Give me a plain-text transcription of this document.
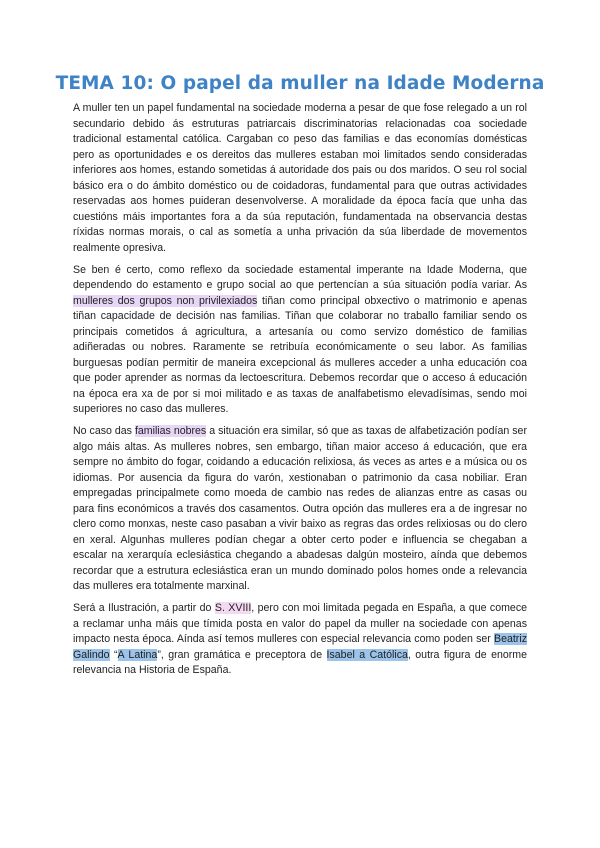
TEMA 10: O papel da muller na Idade Moderna

A muller ten un papel fundamental na sociedade moderna a pesar de que fose relegado a un rol secundario debido ás estruturas patriarcais discriminatorias relacionadas coa sociedade tradicional estamental católica. Cargaban co peso das familias e das economías domésticas pero as oportunidades e os dereitos das mulleres estaban moi limitados sendo consideradas inferiores aos homes, estando sometidas á autoridade dos pais ou dos maridos. O seu rol social básico era o do ámbito doméstico ou de coidadoras, fundamental para que outras actividades reservadas aos homes puideran desenvolverse. A moralidade da época facía que unha das cuestións máis importantes fora a da súa reputación, fundamentada na observancia destas ríxidas normas morais, o cal as sometía a unha privación da súa liberdade de movementos realmente opresiva.

Se ben é certo, como reflexo da sociedade estamental imperante na Idade Moderna, que dependendo do estamento e grupo social ao que pertencían a súa situación podía variar. As mulleres dos grupos non privilexiados tiñan como principal obxectivo o matrimonio e apenas tiñan capacidade de decisión nas familias. Tiñan que colaborar no traballo familiar sendo os principais cometidos á agricultura, a artesanía ou como servizo doméstico de familias adiñeradas ou nobres. Raramente se retribuía económicamente o seu labor. As familias burguesas podían permitir de maneira excepcional ás mulleres acceder a unha educación coa que poder aprender as normas da lectoescritura. Debemos recordar que o acceso á educación na época era xa de por si moi militado e as taxas de analfabetismo elevadísimas, sendo moi superiores no caso das mulleres.

No caso das familias nobres a situación era similar, só que as taxas de alfabetización podían ser algo máis altas. As mulleres nobres, sen embargo, tiñan maior acceso á educación, que era sempre no ámbito do fogar, coidando a educación relixiosa, ás veces as artes e a música ou os idiomas. Por ausencia da figura do varón, xestionaban o patrimonio da casa nobiliar. Eran empregadas principalmete como moeda de cambio nas redes de alianzas entre as casas ou para fins económicos a través dos casamentos. Outra opción das mulleres era a de ingresar no clero como monxas, neste caso pasaban a vivir baixo as regras das ordes relixiosas ou do clero en xeral. Algunhas mulleres podían chegar a obter certo poder e influencia se chegaban a escalar na xerarquía eclesiástica chegando a abadesas dalgún mosteiro, aínda que debemos recordar que a estrutura eclesiástica eran un mundo dominado polos homes onde a relevancia das mulleres era totalmente marxinal.

Será a Ilustración, a partir do S. XVIII, pero con moi limitada pegada en España, a que comece a reclamar unha máis que tímida posta en valor do papel da muller na sociedade con apenas impacto nesta época. Aínda así temos mulleres con especial relevancia como poden ser Beatriz Galindo “A Latina”, gran gramática e preceptora de Isabel a Católica, outra figura de enorme relevancia na Historia de España.
